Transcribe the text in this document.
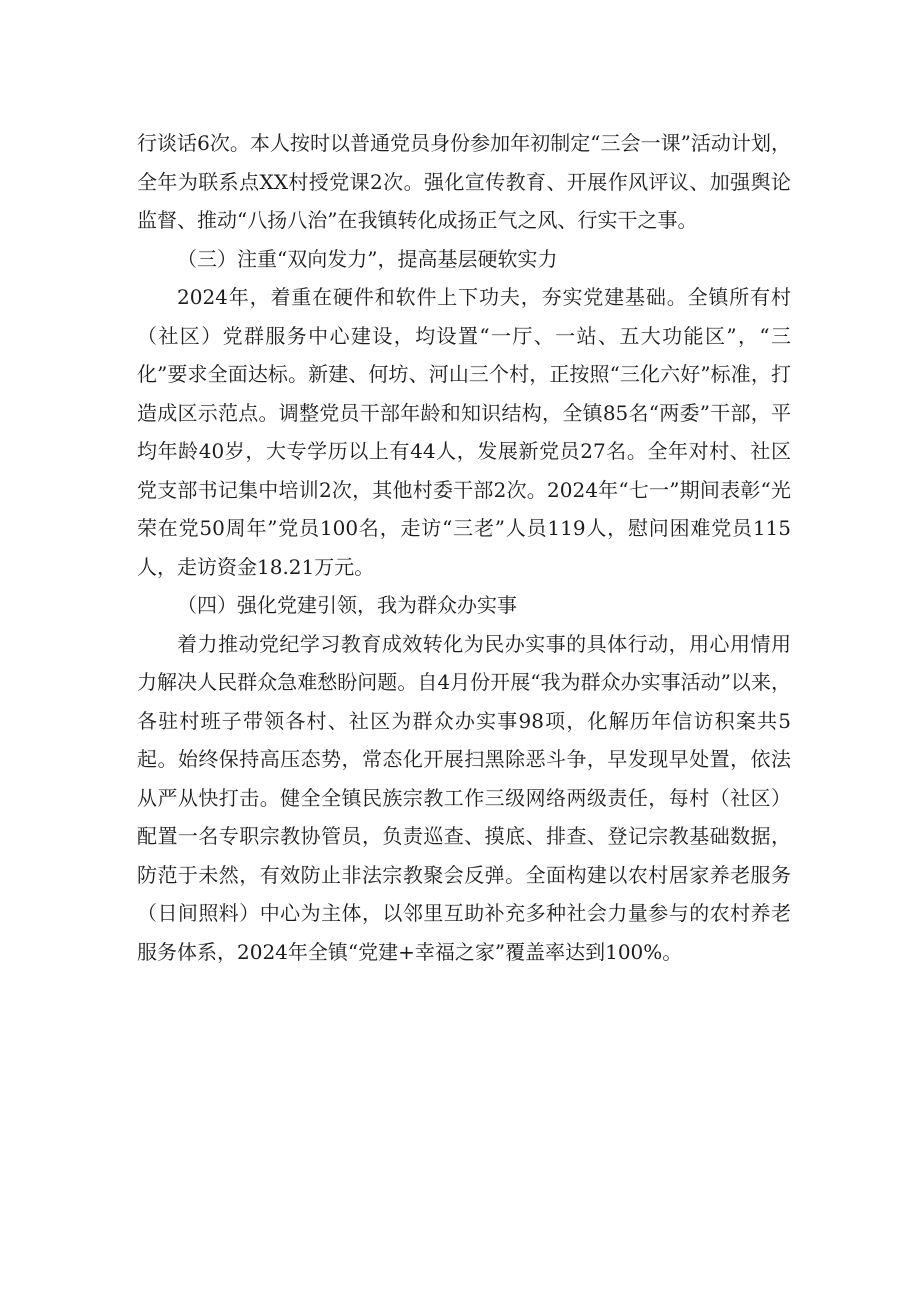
行谈话6次。本人按时以普通党员身份参加年初制定“三会一课”活动计划，全年为联系点XX村授党课2次。强化宣传教育、开展作风评议、加强舆论监督、推动“八扬八治”在我镇转化成扬正气之风、行实干之事。

（三）注重“双向发力”，提高基层硬软实力

2024年，着重在硬件和软件上下功夫，夯实党建基础。全镇所有村（社区）党群服务中心建设，均设置“一厅、一站、五大功能区”，“三化”要求全面达标。新建、何坊、河山三个村，正按照“三化六好”标准，打造成区示范点。调整党员干部年龄和知识结构，全镇85名“两委”干部，平均年龄40岁，大专学历以上有44人，发展新党员27名。全年对村、社区党支部书记集中培训2次，其他村委干部2次。2024年“七一”期间表彰“光荣在党50周年”党员100名，走访“三老”人员119人，慰问困难党员115人，走访资金18.21万元。

（四）强化党建引领，我为群众办实事

着力推动党纪学习教育成效转化为民办实事的具体行动，用心用情用力解决人民群众急难愁盼问题。自4月份开展“我为群众办实事活动”以来，各驻村班子带领各村、社区为群众办实事98项，化解历年信访积案共5起。始终保持高压态势，常态化开展扫黑除恶斗争，早发现早处置，依法从严从快打击。健全全镇民族宗教工作三级网络两级责任，每村（社区）配置一名专职宗教协管员，负责巡查、摸底、排查、登记宗教基础数据，防范于未然，有效防止非法宗教聚会反弹。全面构建以农村居家养老服务（日间照料）中心为主体，以邻里互助补充多种社会力量参与的农村养老服务体系，2024年全镇“党建+幸福之家”覆盖率达到100%。
